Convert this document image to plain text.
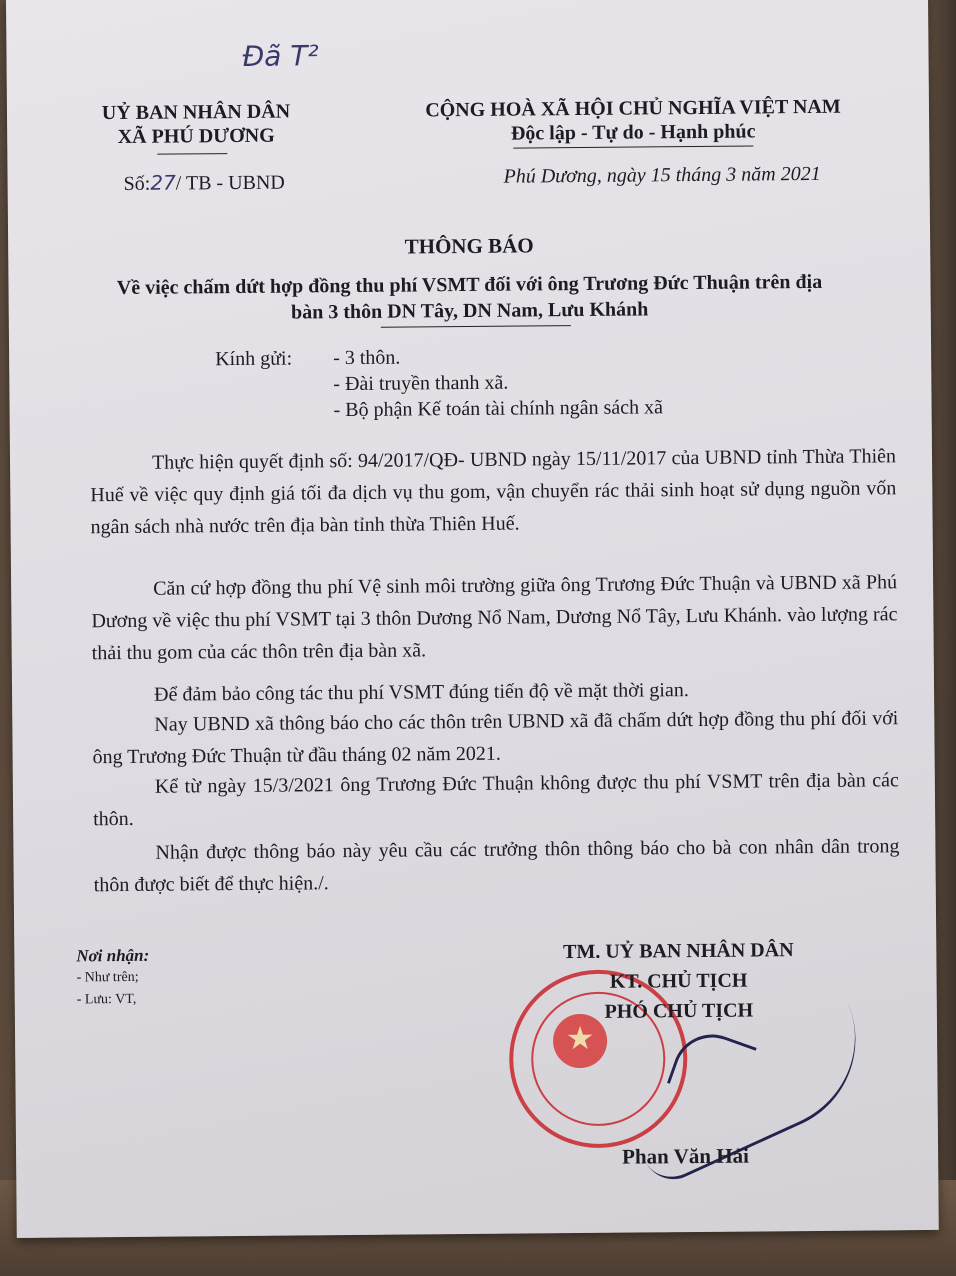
Đã T²
UỶ BAN NHÂN DÂN
XÃ PHÚ DƯƠNG
Số:27/ TB - UBND
CỘNG HOÀ XÃ HỘI CHỦ NGHĨA VIỆT NAM
Độc lập - Tự do - Hạnh phúc
Phú Dương, ngày 15 tháng 3 năm 2021
THÔNG BÁO
Về việc chấm dứt hợp đồng thu phí VSMT đối với ông Trương Đức Thuận trên địa
bàn 3 thôn DN Tây, DN Nam, Lưu Khánh
Kính gửi: - 3 thôn.
- Đài truyền thanh xã.
- Bộ phận Kế toán tài chính ngân sách xã
Thực hiện quyết định số: 94/2017/QĐ- UBND ngày 15/11/2017 của UBND tỉnh Thừa Thiên Huế về việc quy định giá tối đa dịch vụ thu gom, vận chuyển rác thải sinh hoạt sử dụng nguồn vốn ngân sách nhà nước trên địa bàn tỉnh thừa Thiên Huế.
Căn cứ hợp đồng thu phí Vệ sinh môi trường giữa ông Trương Đức Thuận và UBND xã Phú Dương về việc thu phí VSMT tại 3 thôn Dương Nổ Nam, Dương Nổ Tây, Lưu Khánh. vào lượng rác thải thu gom của các thôn trên địa bàn xã.
Để đảm bảo công tác thu phí VSMT đúng tiến độ về mặt thời gian.
Nay UBND xã thông báo cho các thôn trên UBND xã đã chấm dứt hợp đồng thu phí đối với ông Trương Đức Thuận từ đầu tháng 02 năm 2021.
Kể từ ngày 15/3/2021 ông Trương Đức Thuận không được thu phí VSMT trên địa bàn các thôn.
Nhận được thông báo này yêu cầu các trưởng thôn thông báo cho bà con nhân dân trong thôn được biết để thực hiện./.
Nơi nhận:
- Như trên;
- Lưu: VT,
★
TM. UỶ BAN NHÂN DÂN
KT. CHỦ TỊCH
PHÓ CHỦ TỊCH
Phan Văn Hải
